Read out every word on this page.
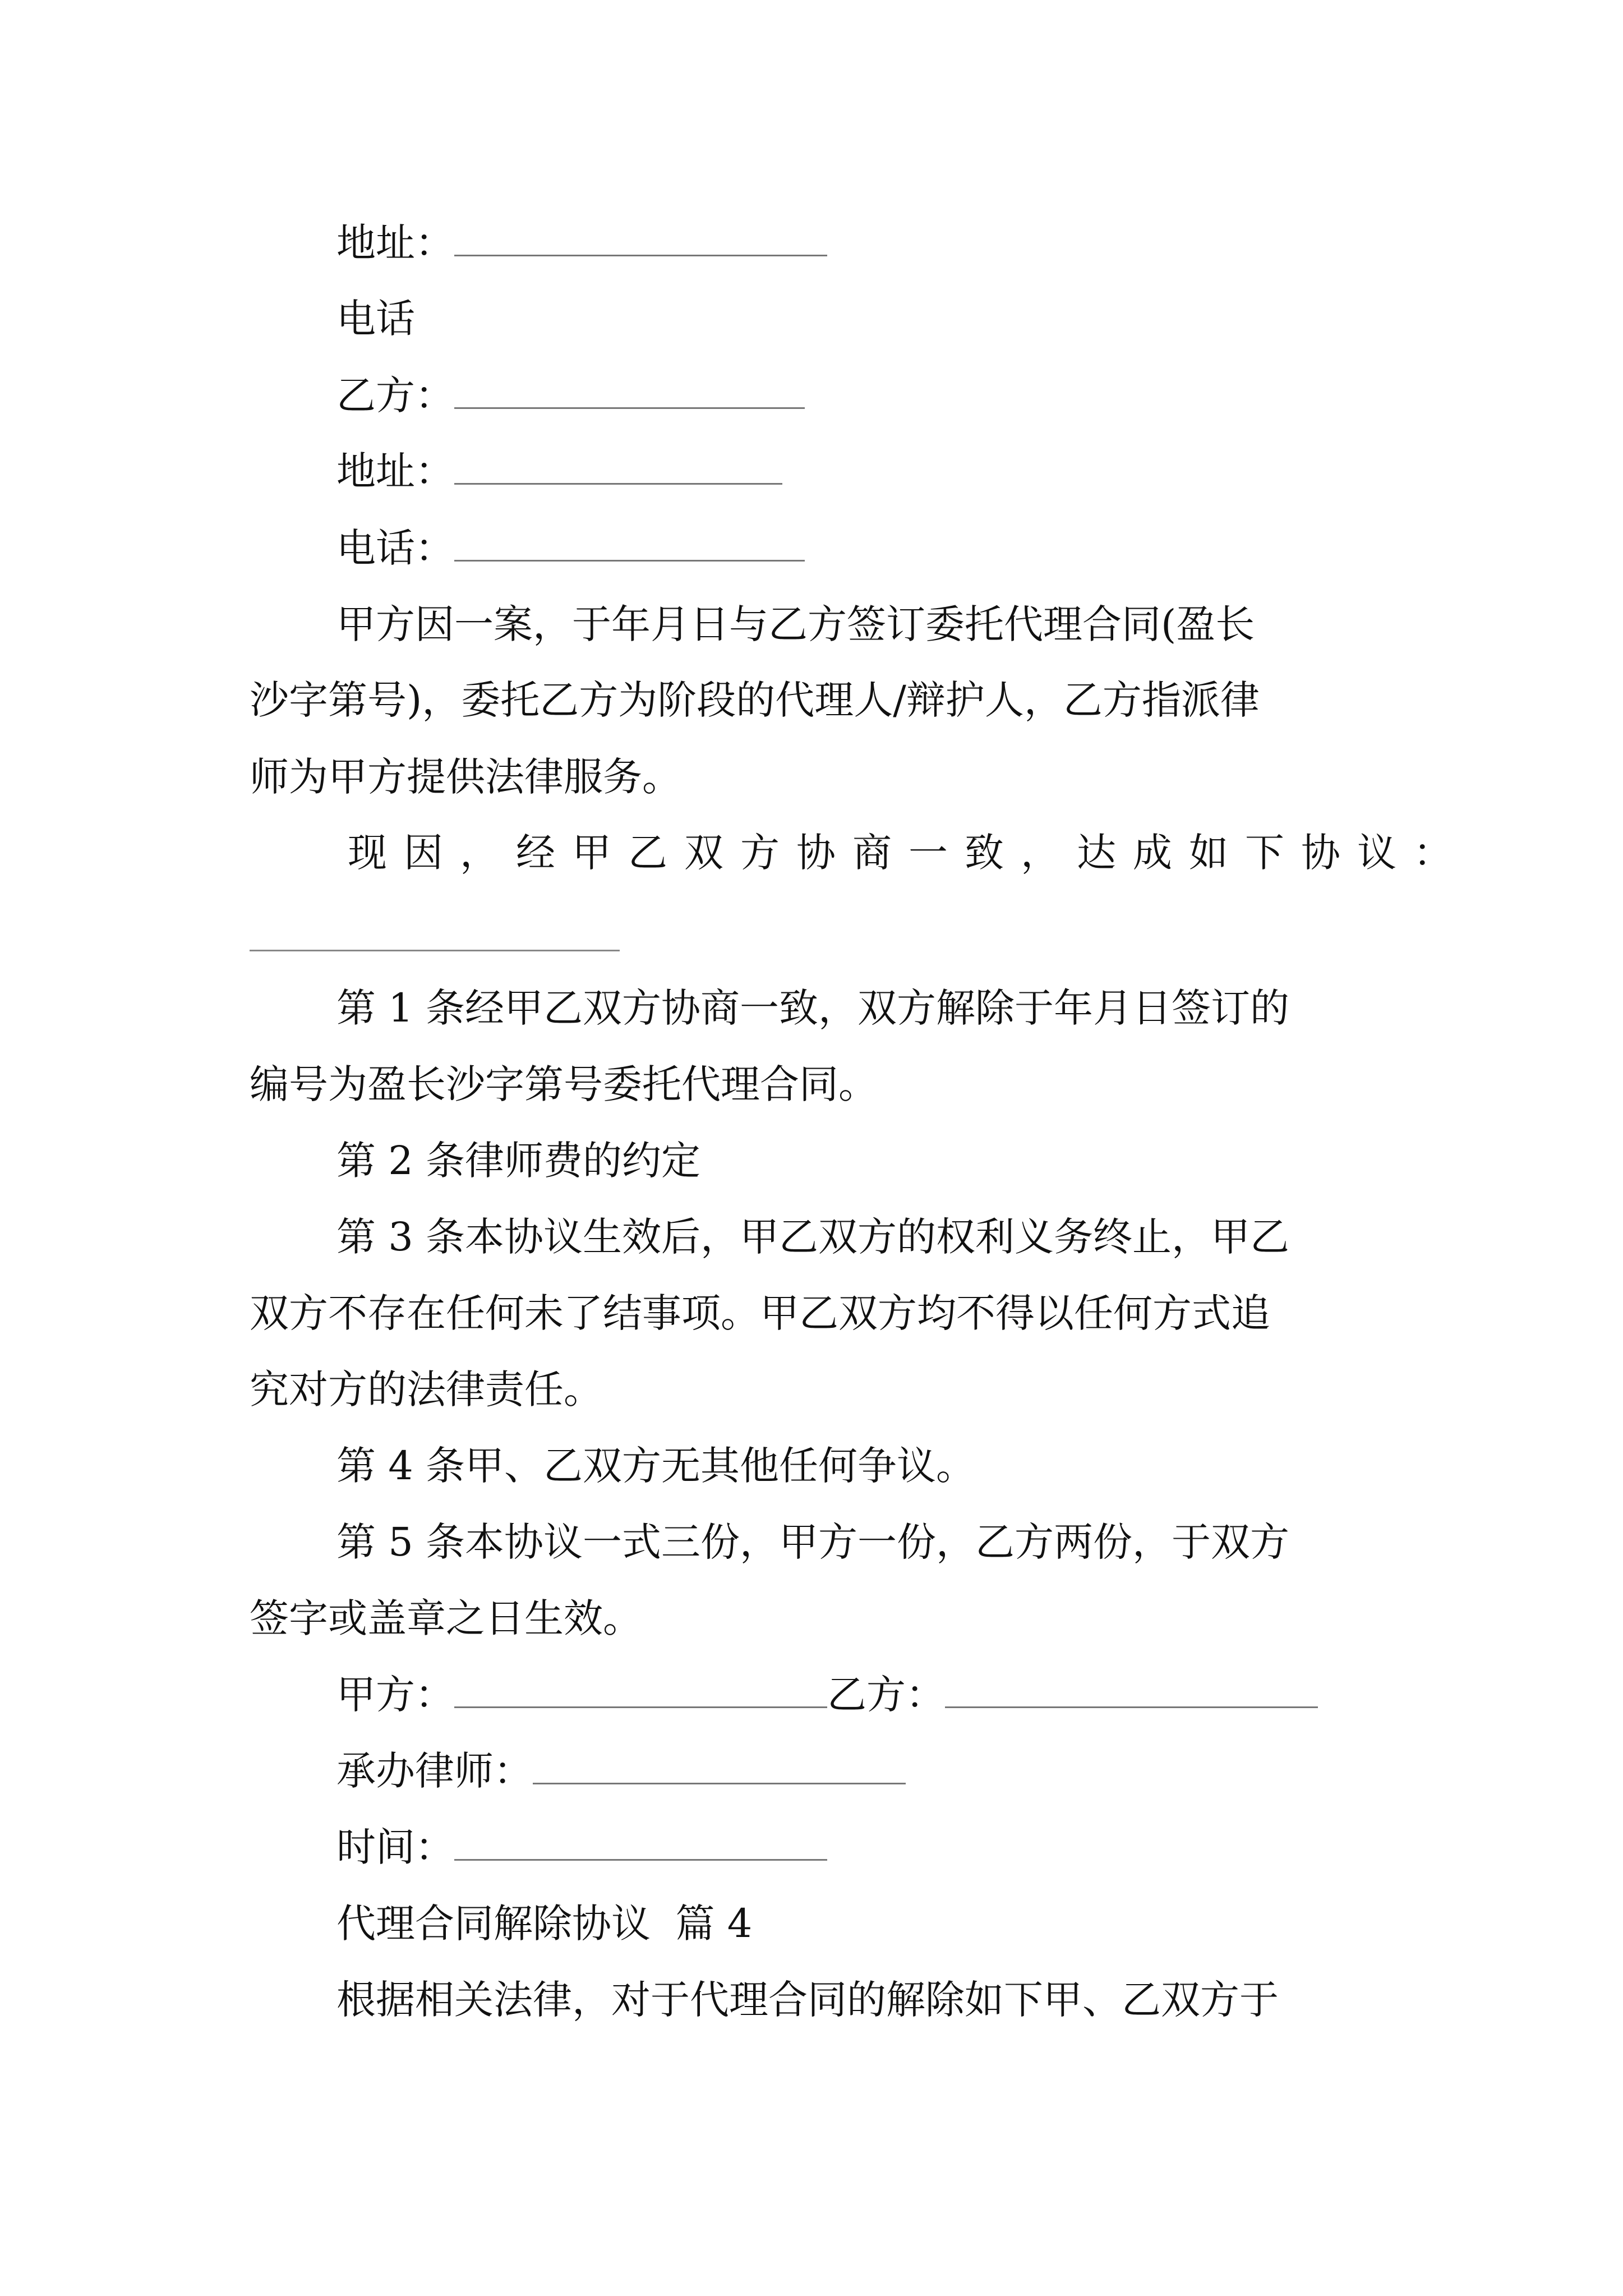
地址：
电话
乙方：
地址：
电话：
甲方因一案，于年月日与乙方签订委托代理合同(盈长
沙字第号)，委托乙方为阶段的代理人/辩护人，乙方指派律
师为甲方提供法律服务。
现因，经甲乙双方协商一致，达成如下协议：
第 1 条经甲乙双方协商一致，双方解除于年月日签订的
编号为盈长沙字第号委托代理合同。
第 2 条律师费的约定
第 3 条本协议生效后，甲乙双方的权利义务终止，甲乙
双方不存在任何未了结事项。甲乙双方均不得以任何方式追
究对方的法律责任。
第 4 条甲、乙双方无其他任何争议。
第 5 条本协议一式三份，甲方一份，乙方两份，于双方
签字或盖章之日生效。
甲方：	乙方：
承办律师：
时间：
代理合同解除协议  篇 4
根据相关法律，对于代理合同的解除如下甲、乙双方于
